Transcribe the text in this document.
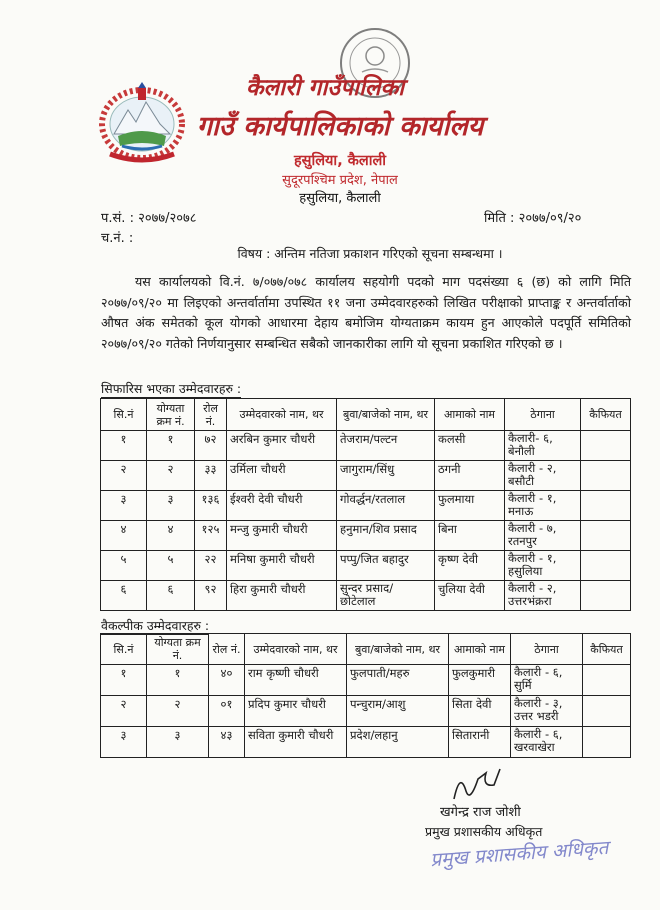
कैलारी गाउँपालिका
गाउँ कार्यपालिकाको कार्यालय
हसुलिया, कैलाली
सुदूरपश्चिम प्रदेश, नेपाल
हसुलिया, कैलाली
प.सं. : २०७७/२०७८
च.नं. :
मिति : २०७७/०९/२०
विषय : अन्तिम नतिजा प्रकाशन गरिएको सूचना सम्बन्धमा ।
यस कार्यालयको वि.नं. ७/०७७/०७८ कार्यालय सहयोगी पदको माग पदसंख्या ६ (छ) को लागि मिति २०७७/०९/२० मा लिइएको अन्तर्वार्तामा उपस्थित ११ जना उम्मेदवारहरुको लिखित परीक्षाको प्राप्ताङ्क र अन्तर्वार्ताको औषत अंक समेतको कूल योगको आधारमा देहाय बमोजिम योग्यताक्रम कायम हुन आएकोले पदपूर्ति समितिको २०७७/०९/२० गतेको निर्णयानुसार सम्बन्धित सबैको जानकारीका लागि यो सूचना प्रकाशित गरिएको छ ।
सिफारिस भएका उम्मेदवारहरु :
सि.नं	योग्यता क्रम नं.	रोल नं.	उम्मेदवारको नाम, थर	बुवा/बाजेको नाम, थर	आमाको नाम	ठेगाना	कैफियत
१	१	७२	अरबिन कुमार चौधरी	तेजराम/पल्टन	कलसी	कैलारी- ६, बेनौली	
२	२	३३	उर्मिला चौधरी	जागुराम/सिंधु	ठगनी	कैलारी - २, बसौटी	
३	३	१३६	ईश्वरी देवी चौधरी	गोवर्द्धन/रतलाल	फुलमाया	कैलारी - १, मनाऊ	
४	४	१२५	मन्जु कुमारी चौधरी	हनुमान/शिव प्रसाद	बिना	कैलारी - ७, रतनपुर	
५	५	२२	मनिषा कुमारी चौधरी	पप्पु/जित बहादुर	कृष्ण देवी	कैलारी - १, हसुलिया	
६	६	९२	हिरा कुमारी चौधरी	सुन्दर प्रसाद/ छोटेलाल	चुलिया देवी	कैलारी - २, उत्तरभंक्ररा	
वैकल्पीक उम्मेदवारहरु :
सि.नं	योग्यता क्रम नं.	रोल नं.	उम्मेदवारको नाम, थर	बुवा/बाजेको नाम, थर	आमाको नाम	ठेगाना	कैफियत
१	१	४०	राम कृष्णी चौधरी	फुलपाती/महरु	फुलकुमारी	कैलारी - ६, सुर्मि	
२	२	०१	प्रदिप कुमार चौधरी	पन्चुराम/आशु	सिता देवी	कैलारी - ३, उत्तर भडरी	
३	३	४३	सविता कुमारी चौधरी	प्रदेश/लहानु	सितारानी	कैलारी - ६, खरवाखेरा	
खगेन्द्र राज जोशी
प्रमुख प्रशासकीय अधिकृत
प्रमुख प्रशासकीय अधिकृत
